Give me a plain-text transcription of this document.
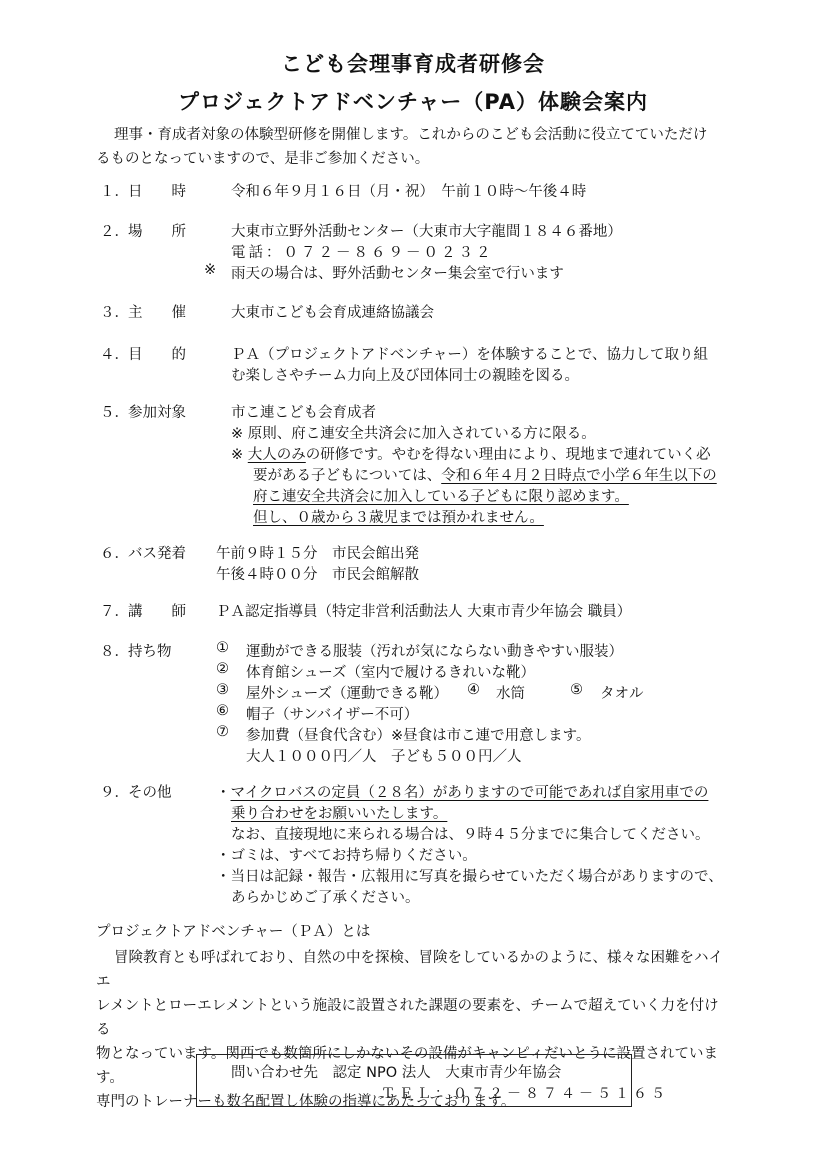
こども会理事育成者研修会
プロジェクトアドベンチャー（PA）体験会案内

理事・育成者対象の体験型研修を開催します。これからのこども会活動に役立てていただけ
るものとなっていますので、是非ご参加ください。

１． 日　　時	令和６年９月１６日（月・祝）　午前１０時〜午後４時
２． 場　　所	大東市立野外活動センター（大東市大字龍間１８４６番地）
電話：０７２－８６９－０２３２
※ 雨天の場合は、野外活動センター集会室で行います
３． 主　　催	大東市こども会育成連絡協議会
４． 目　　的	ＰＡ（プロジェクトアドベンチャー）を体験することで、協力して取り組
む楽しさやチーム力向上及び団体同士の親睦を図る。
５． 参加対象	市こ連こども会育成者
※ 原則、府こ連安全共済会に加入されている方に限る。
※ 大人のみの研修です。やむを得ない理由により、現地まで連れていく必
要がある子どもについては、令和６年４月２日時点で小学６年生以下の
府こ連安全共済会に加入している子どもに限り認めます。
但し、０歳から３歳児までは預かれません。
６． バス発着 午前９時１５分　市民会館出発
午後４時００分　市民会館解散
７． 講　　師 ＰＡ認定指導員（特定非営利活動法人 大東市青少年協会 職員）
８． 持ち物	① 運動ができる服装（汚れが気にならない動きやすい服装）
② 体育館シューズ（室内で履けるきれいな靴）
③ 屋外シューズ（運動できる靴） ④ 水筒	⑤ タオル
⑥ 帽子（サンバイザー不可）
⑦ 参加費（昼食代含む）※昼食は市こ連で用意します。
大人１０００円／人　子ども５００円／人
９． その他	・マイクロバスの定員（２８名）がありますので可能であれば自家用車での
乗り合わせをお願いいたします。
なお、直接現地に来られる場合は、９時４５分までに集合してください。
・ゴミは、すべてお持ち帰りください。
・当日は記録・報告・広報用に写真を撮らせていただく場合がありますので、
あらかじめご了承ください。

プロジェクトアドベンチャー（ＰＡ）とは

冒険教育とも呼ばれており、自然の中を探検、冒険をしているかのように、様々な困難をハイエ
レメントとローエレメントという施設に設置された課題の要素を、チームで超えていく力を付ける
物となっています。関西でも数箇所にしかないその設備がキャンピィだいとうに設置されています。
専門のトレーナーも数名配置し体験の指導にあたっております。

問い合わせ先　認定 NPO 法人　大東市青少年協会
ＴＥＬ：０７２－８７４－５１６５
